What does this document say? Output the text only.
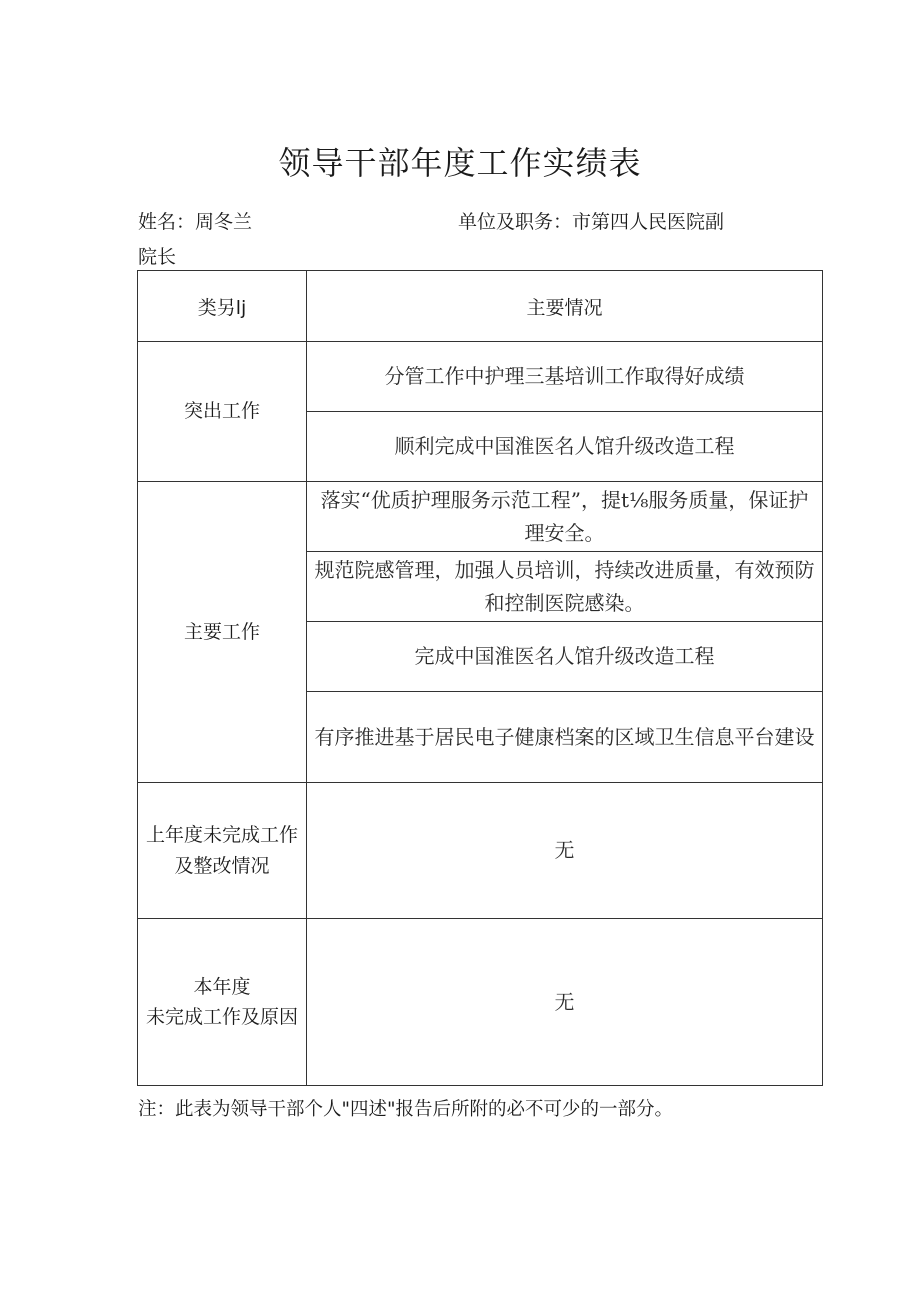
领导干部年度工作实绩表
姓名：周冬兰	单位及职务：市第四人民医院副
院长
类另lj	主要情况
突出工作	分管工作中护理三基培训工作取得好成绩
	顺利完成中国淮医名人馆升级改造工程
主要工作	落实“优质护理服务示范工程”，提t⅛服务质量，保证护理安全。
	规范院感管理，加强人员培训，持续改进质量，有效预防和控制医院感染。
	完成中国淮医名人馆升级改造工程
	有序推进基于居民电子健康档案的区域卫生信息平台建设

上年度未完成工作
及整改情况	无

本年度
未完成工作及原因	无
注：此表为领导干部个人"四述"报告后所附的必不可少的一部分。
